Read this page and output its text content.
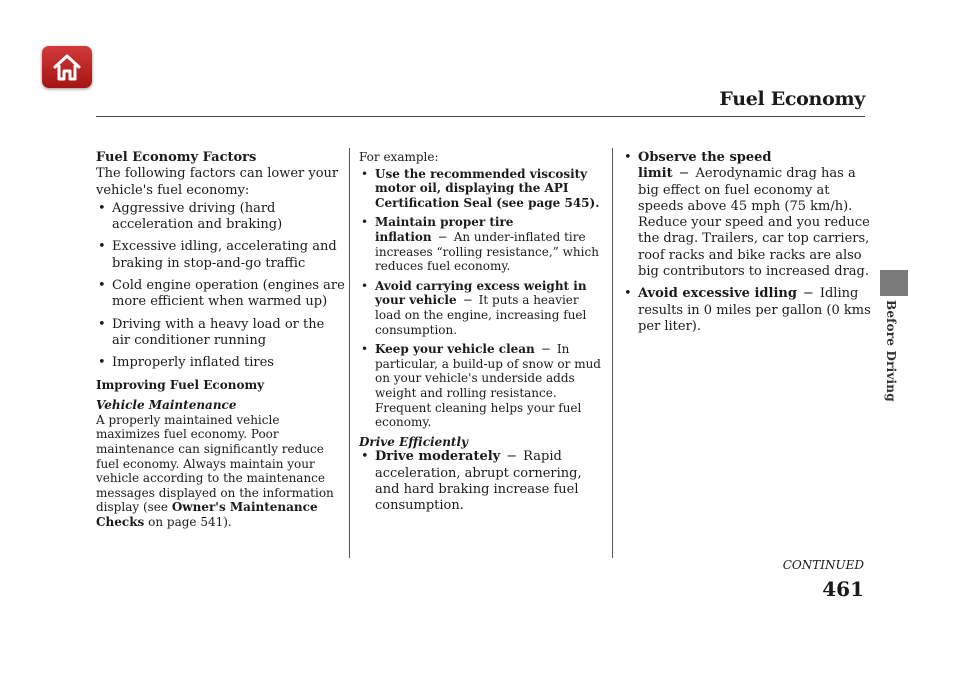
Fuel Economy
Before Driving

Fuel Economy Factors

The following factors can lower your vehicle's fuel economy:

• Aggressive driving (hard acceleration and braking)
• Excessive idling, accelerating and braking in stop-and-go traffic
• Cold engine operation (engines are more efficient when warmed up)
• Driving with a heavy load or the air conditioner running
• Improperly inflated tires

Improving Fuel Economy

Vehicle Maintenance

A properly maintained vehicle maximizes fuel economy. Poor maintenance can significantly reduce fuel economy. Always maintain your vehicle according to the maintenance messages displayed on the information display (see Owner's Maintenance Checks on page 541).

For example:

• Use the recommended viscosity motor oil, displaying the API Certification Seal (see page 545).
• Maintain proper tire inflation − An under-inflated tire increases “rolling resistance,” which reduces fuel economy.
• Avoid carrying excess weight in your vehicle − It puts a heavier load on the engine, increasing fuel consumption.
• Keep your vehicle clean − In particular, a build-up of snow or mud on your vehicle's underside adds weight and rolling resistance. Frequent cleaning helps your fuel economy.

Drive Efficiently

• Drive moderately − Rapid acceleration, abrupt cornering, and hard braking increase fuel consumption.
• Observe the speed limit − Aerodynamic drag has a big effect on fuel economy at speeds above 45 mph (75 km/h). Reduce your speed and you reduce the drag. Trailers, car top carriers, roof racks and bike racks are also big contributors to increased drag.
• Avoid excessive idling − Idling results in 0 miles per gallon (0 kms per liter).
CONTINUED
461
